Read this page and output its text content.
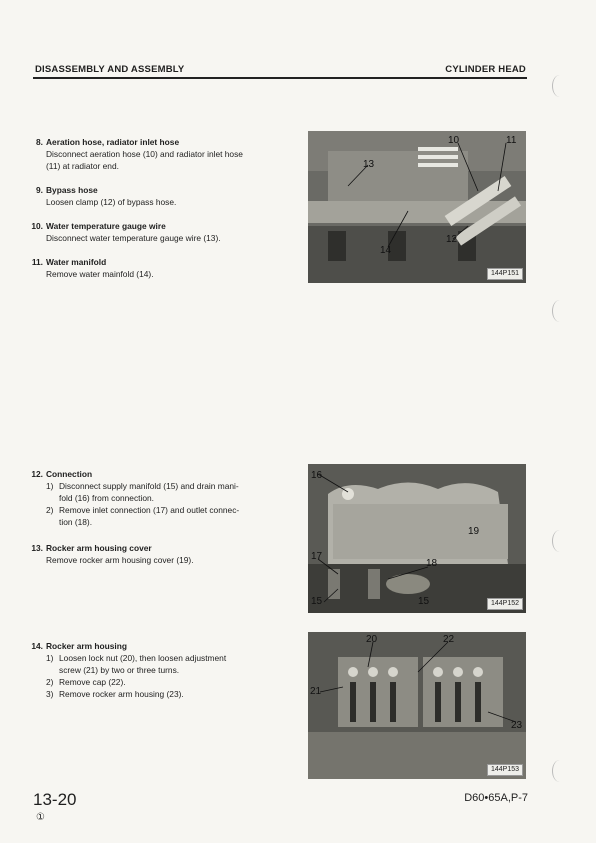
DISASSEMBLY AND ASSEMBLY	CYLINDER HEAD
8. Aeration hose, radiator inlet hose
Disconnect aeration hose (10) and radiator inlet hose
(11) at radiator end.
9. Bypass hose
Loosen clamp (12) of bypass hose.
10. Water temperature gauge wire
Disconnect water temperature gauge wire (13).
11. Water manifold
Remove water mainfold (14).
12. Connection
1) Disconnect supply manifold (15) and drain mani-
fold (16) from connection.
2) Remove inlet connection (17) and outlet connec-
tion (18).
13. Rocker arm housing cover
Remove rocker arm housing cover (19).
14. Rocker arm housing
1) Loosen lock nut (20), then loosen adjustment
screw (21) by two or three turns.
2) Remove cap (22).
3) Remove rocker arm housing (23).
10	11
13
14
12
144P151
16
18
17
15	15
19
144P152
20	22
21
23
144P153
13-20
①
D60•65A,P-7
